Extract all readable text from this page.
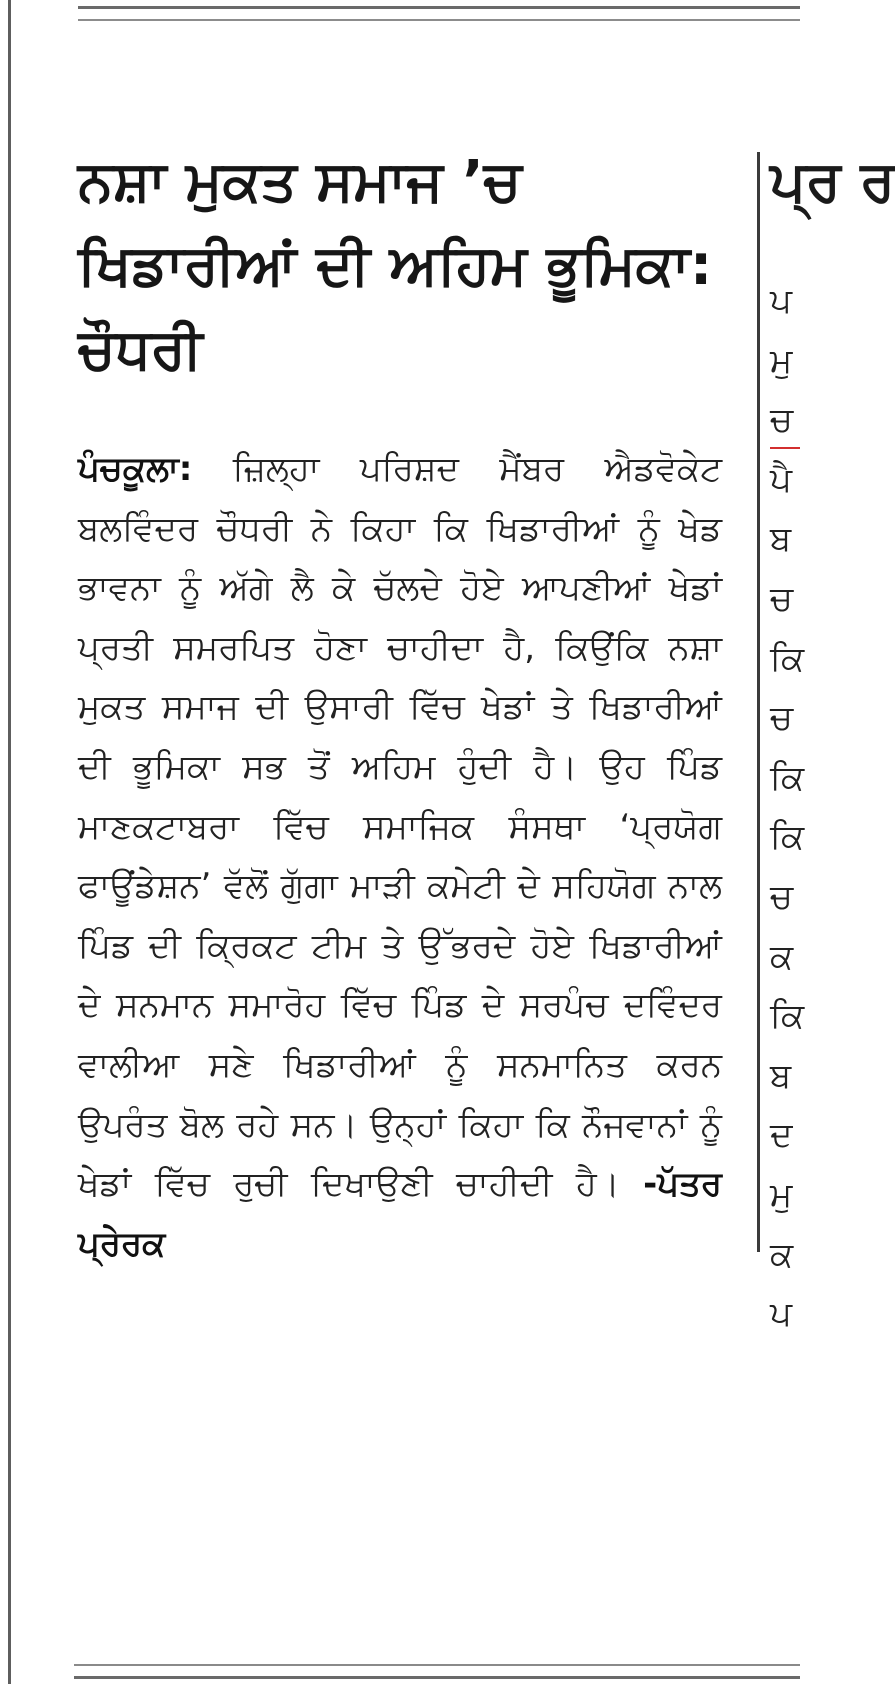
ਨਸ਼ਾ ਮੁਕਤ ਸਮਾਜ ’ਚ ਖਿਡਾਰੀਆਂ ਦੀ ਅਹਿਮ ਭੂਮਿਕਾ: ਚੌਧਰੀ

ਪੰਚਕੂਲਾ: ਜ਼ਿਲ੍ਹਾ ਪਰਿਸ਼ਦ ਮੈਂਬਰ ਐਡਵੋਕੇਟ ਬਲਵਿੰਦਰ ਚੌਧਰੀ ਨੇ ਕਿਹਾ ਕਿ ਖਿਡਾਰੀਆਂ ਨੂੰ ਖੇਡ ਭਾਵਨਾ ਨੂੰ ਅੱਗੇ ਲੈ ਕੇ ਚੱਲਦੇ ਹੋਏ ਆਪਣੀਆਂ ਖੇਡਾਂ ਪ੍ਰਤੀ ਸਮਰਪਿਤ ਹੋਣਾ ਚਾਹੀਦਾ ਹੈ, ਕਿਉਂਕਿ ਨਸ਼ਾ ਮੁਕਤ ਸਮਾਜ ਦੀ ਉਸਾਰੀ ਵਿੱਚ ਖੇਡਾਂ ਤੇ ਖਿਡਾਰੀਆਂ ਦੀ ਭੂਮਿਕਾ ਸਭ ਤੋਂ ਅਹਿਮ ਹੁੰਦੀ ਹੈ। ਉਹ ਪਿੰਡ ਮਾਣਕਟਾਬਰਾ ਵਿੱਚ ਸਮਾਜਿਕ ਸੰਸਥਾ ‘ਪ੍ਰਯੋਗ ਫਾਊਂਡੇਸ਼ਨ’ ਵੱਲੋਂ ਗੁੱਗਾ ਮਾੜੀ ਕਮੇਟੀ ਦੇ ਸਹਿਯੋਗ ਨਾਲ ਪਿੰਡ ਦੀ ਕ੍ਰਿਕਟ ਟੀਮ ਤੇ ਉੱਭਰਦੇ ਹੋਏ ਖਿਡਾਰੀਆਂ ਦੇ ਸਨਮਾਨ ਸਮਾਰੋਹ ਵਿੱਚ ਪਿੰਡ ਦੇ ਸਰਪੰਚ ਦਵਿੰਦਰ ਵਾਲੀਆ ਸਣੇ ਖਿਡਾਰੀਆਂ ਨੂੰ ਸਨਮਾਨਿਤ ਕਰਨ ਉਪਰੰਤ ਬੋਲ ਰਹੇ ਸਨ। ਉਨ੍ਹਾਂ ਕਿਹਾ ਕਿ ਨੌਜਵਾਨਾਂ ਨੂੰ ਖੇਡਾਂ ਵਿੱਚ ਰੁਚੀ ਦਿਖਾਉਣੀ ਚਾਹੀਦੀ ਹੈ। -ਪੱਤਰ ਪ੍ਰੇਰਕ

ਪ੍ਰ ਰ
ਪ
ਮੁ
ਚ
ਪੈ
ਬ
ਚ
ਕਿ
ਚ
ਕਿ
ਕਿ
ਚ
ਕ
ਕਿ
ਬ
ਦ
ਮੁ
ਕ
ਪ
